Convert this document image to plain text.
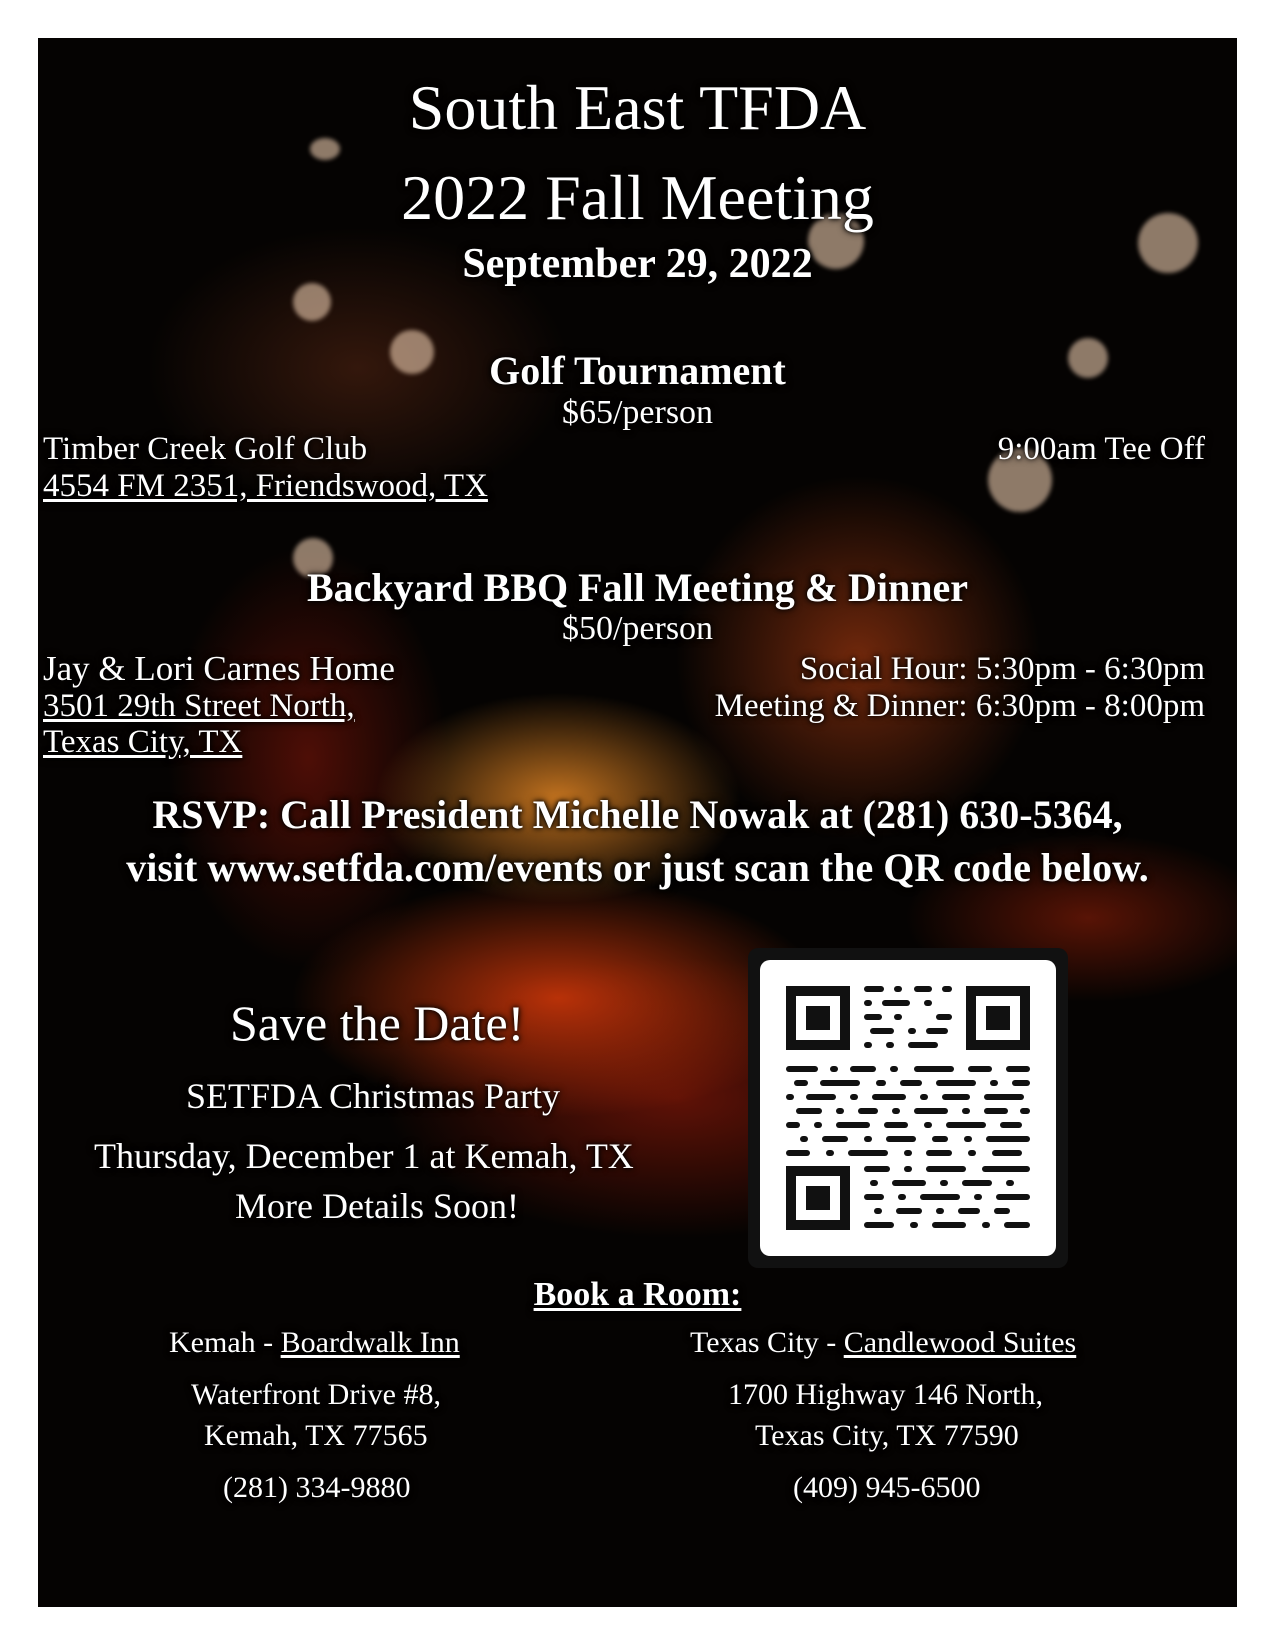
South East TFDA

2022 Fall Meeting

September 29, 2022

Golf Tournament

$65/person

Timber Creek Golf Club

4554 FM 2351, Friendswood, TX

9:00am Tee Off

Backyard BBQ Fall Meeting & Dinner

$50/person

Jay & Lori Carnes Home

3501 29th Street North,

Texas City, TX

Social Hour: 5:30pm - 6:30pm

Meeting & Dinner: 6:30pm - 8:00pm

RSVP: Call President Michelle Nowak at (281) 630-5364,

visit www.setfda.com/events or just scan the QR code below.

Save the Date!

SETFDA Christmas Party

Thursday, December 1 at Kemah, TX

More Details Soon!

Book a Room:

Kemah - Boardwalk Inn

Waterfront Drive #8,

Kemah, TX 77565

(281) 334-9880

Texas City - Candlewood Suites

1700 Highway 146 North,

Texas City, TX 77590

(409) 945-6500
